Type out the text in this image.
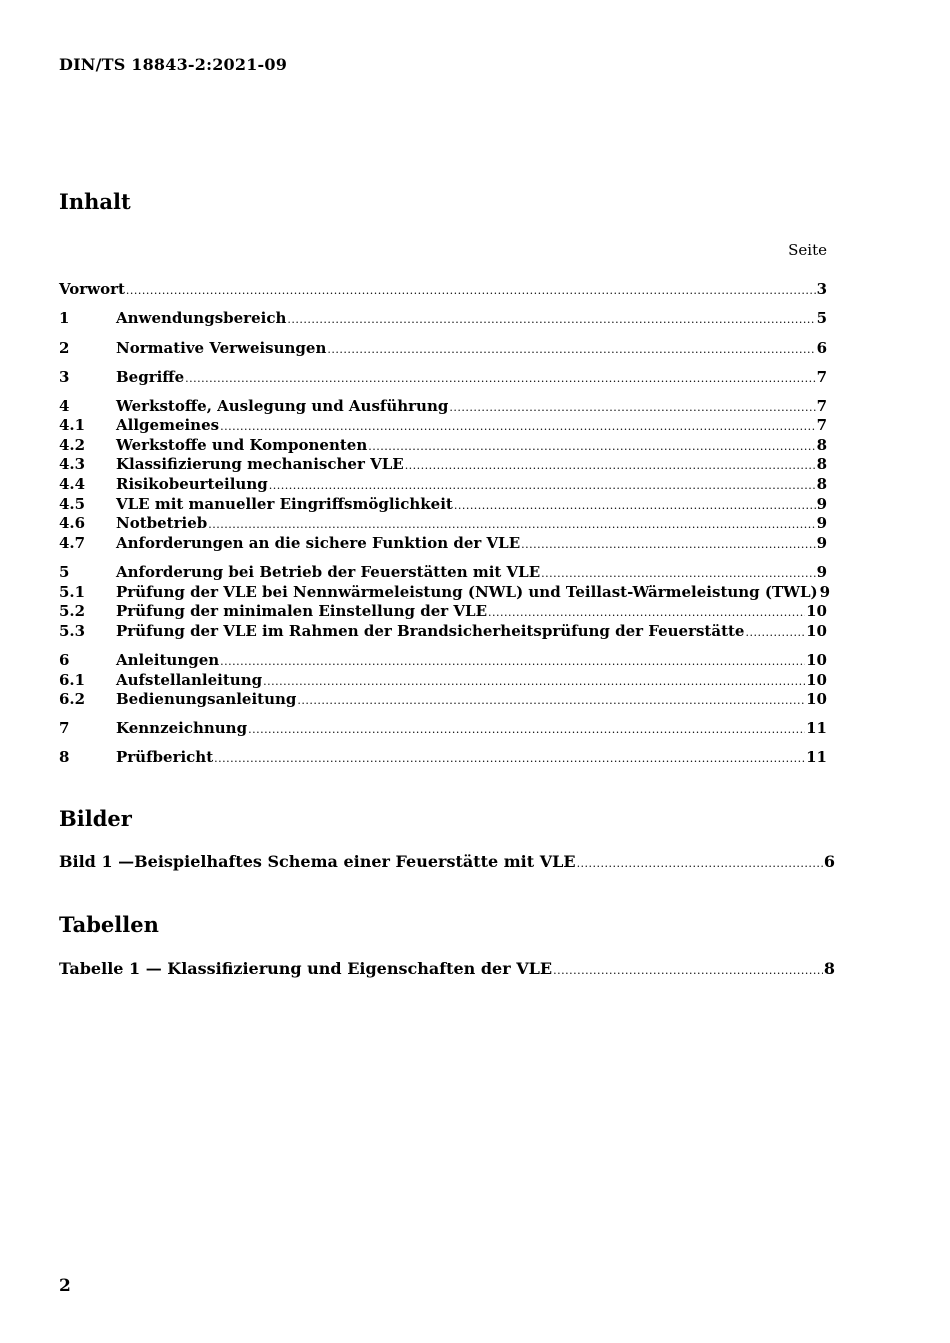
DIN/TS 18843-2:2021-09
Inhalt
Seite
Vorwort .....	3
1	Anwendungsbereich .....	5
2	Normative Verweisungen .....	6
3	Begriffe .....	7
4	Werkstoffe, Auslegung und Ausführung .....	7
4.1	Allgemeines .....	7
4.2	Werkstoffe und Komponenten .....	8
4.3	Klassifizierung mechanischer VLE .....	8
4.4	Risikobeurteilung .....	8
4.5	VLE mit manueller Eingriffsmöglichkeit .....	9
4.6	Notbetrieb .....	9
4.7	Anforderungen an die sichere Funktion der VLE .....	9
5	Anforderung bei Betrieb der Feuerstätten mit VLE .....	9
5.1	Prüfung der VLE bei Nennwärmeleistung (NWL) und Teillast-Wärmeleistung (TWL) 9
5.2	Prüfung der minimalen Einstellung der VLE .....	10
5.3	Prüfung der VLE im Rahmen der Brandsicherheitsprüfung der Feuerstätte .....	10
6	Anleitungen .....	10
6.1	Aufstellanleitung .....	10
6.2	Bedienungsanleitung .....	10
7	Kennzeichnung .....	11
8	Prüfbericht .....	11
Bilder
Bild 1 —Beispielhaftes Schema einer Feuerstätte mit VLE .....	6
Tabellen
Tabelle 1 — Klassifizierung und Eigenschaften der VLE .....	8
2
